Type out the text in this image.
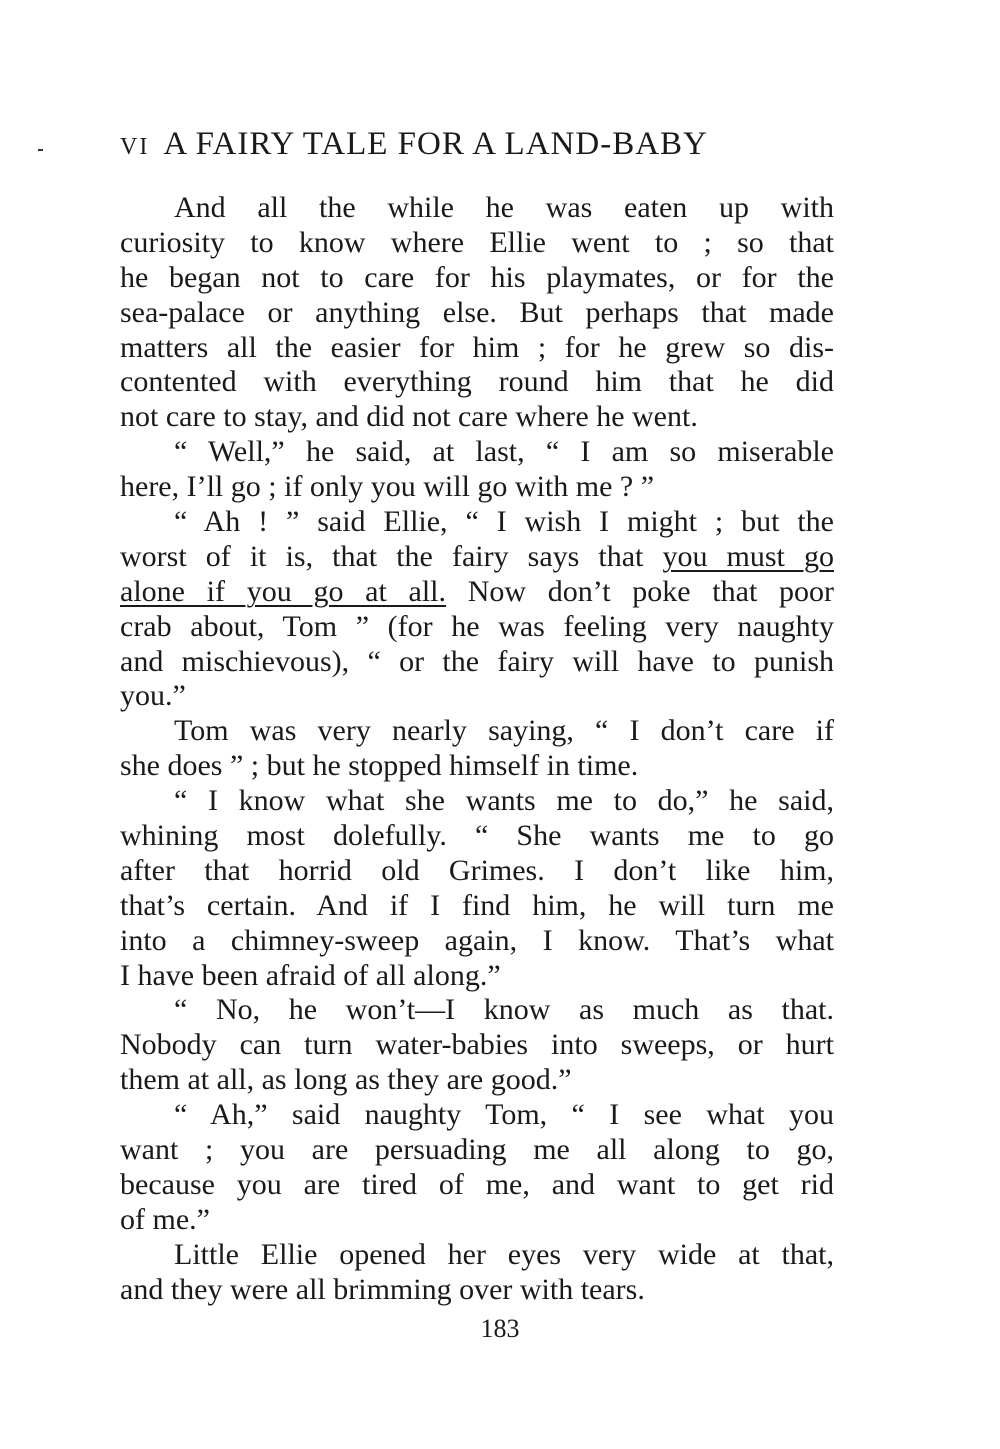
VI A FAIRY TALE FOR A LAND-BABY
And all the while he was eaten up with
curiosity to know where Ellie went to ; so that
he began not to care for his playmates, or for the
sea-palace or anything else. But perhaps that made
matters all the easier for him ; for he grew so dis-
contented with everything round him that he did
not care to stay, and did not care where he went.
“ Well,” he said, at last, “ I am so miserable
here, I’ll go ; if only you will go with me ? ”
“ Ah ! ” said Ellie, “ I wish I might ; but the
worst of it is, that the fairy says that you must go
alone if you go at all. Now don’t poke that poor
crab about, Tom ” (for he was feeling very naughty
and mischievous), “ or the fairy will have to punish
you.”
Tom was very nearly saying, “ I don’t care if
she does ” ; but he stopped himself in time.
“ I know what she wants me to do,” he said,
whining most dolefully. “ She wants me to go
after that horrid old Grimes. I don’t like him,
that’s certain. And if I find him, he will turn me
into a chimney-sweep again, I know. That’s what
I have been afraid of all along.”
“ No, he won’t—I know as much as that.
Nobody can turn water-babies into sweeps, or hurt
them at all, as long as they are good.”
“ Ah,” said naughty Tom, “ I see what you
want ; you are persuading me all along to go,
because you are tired of me, and want to get rid
of me.”
Little Ellie opened her eyes very wide at that,
and they were all brimming over with tears.
183
